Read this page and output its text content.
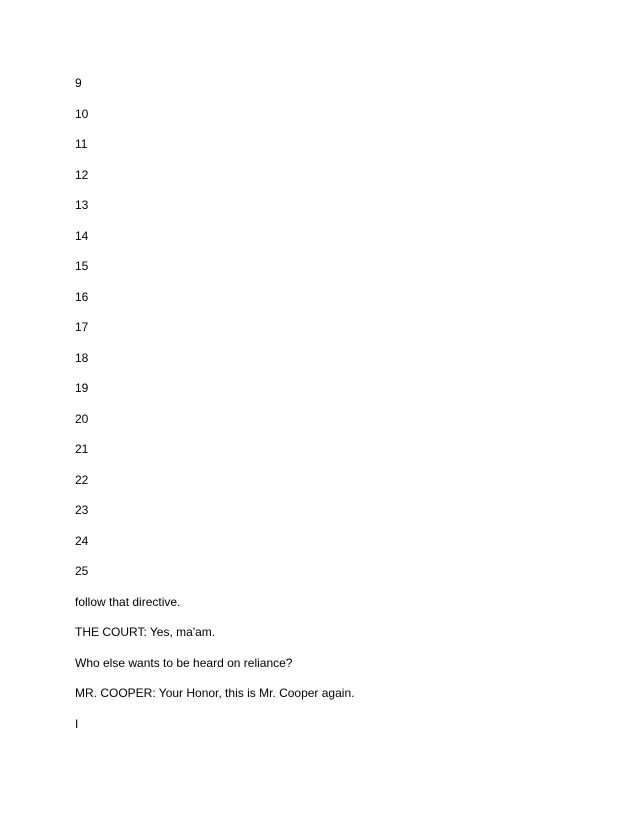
9
10
11
12
13
14
15
16
17
18
19
20
21
22
23
24
25
follow that directive.
THE COURT: Yes, ma'am.
Who else wants to be heard on reliance?
MR. COOPER: Your Honor, this is Mr. Cooper again.
I
